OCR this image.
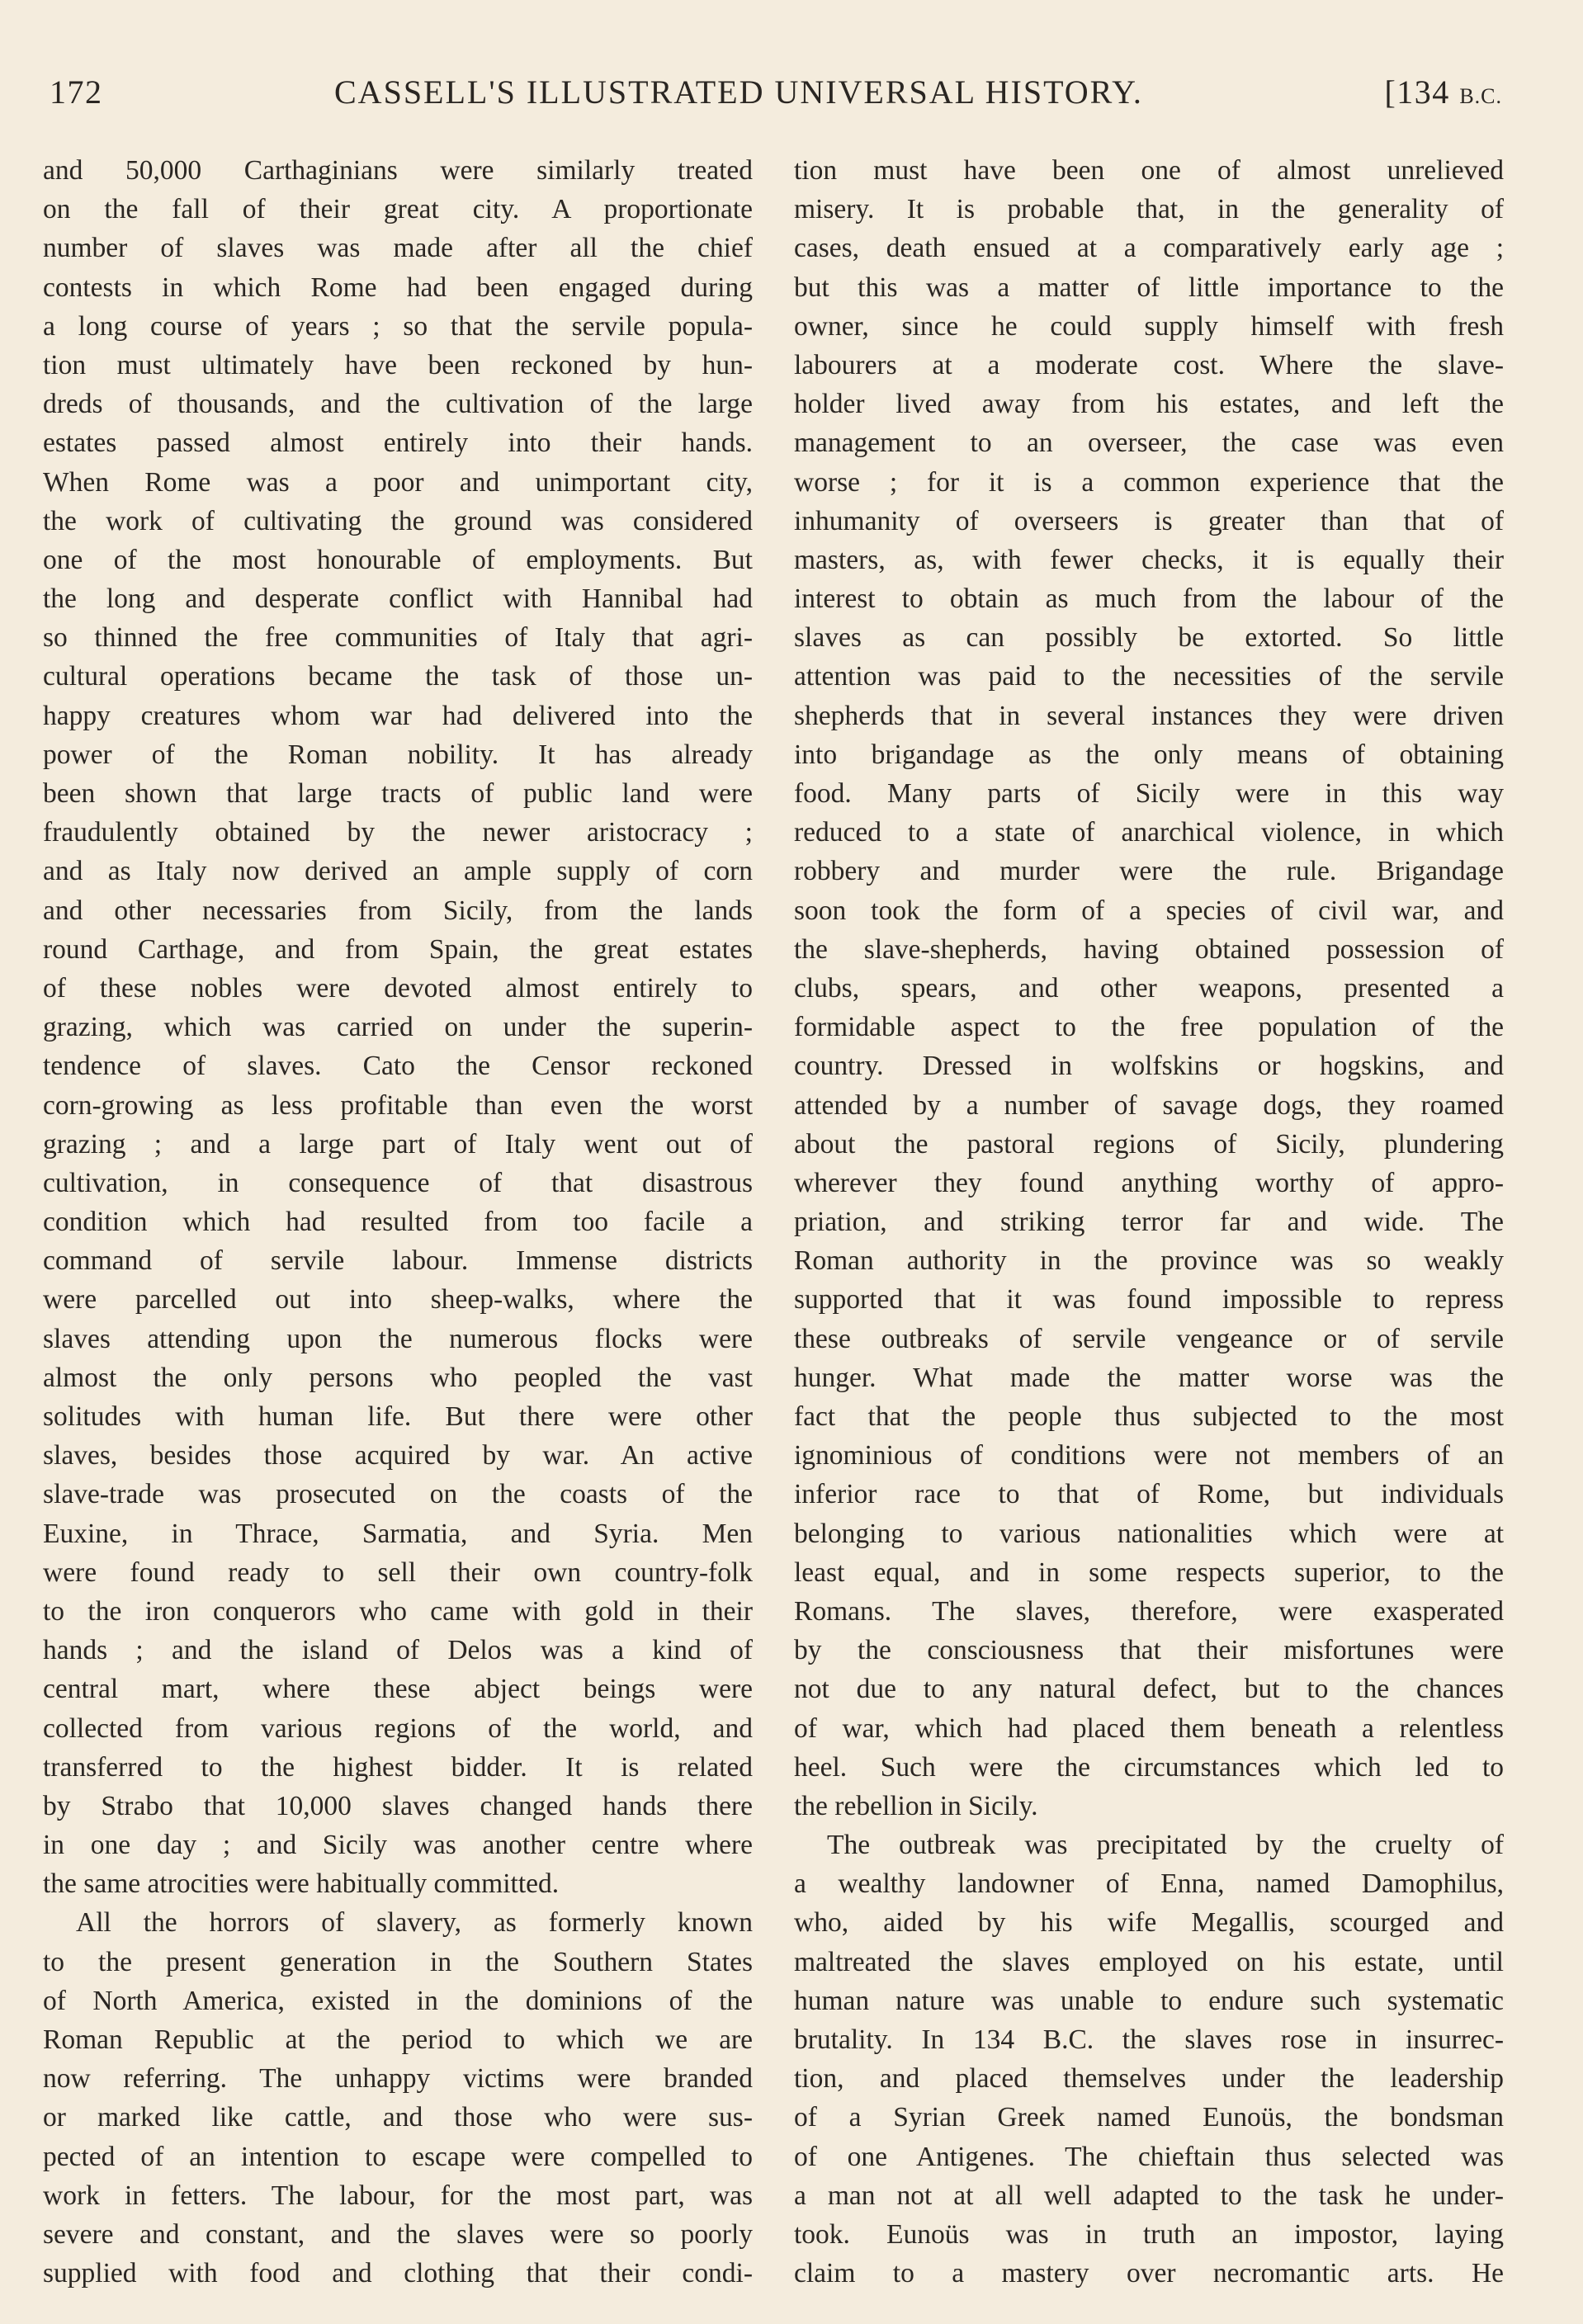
172	CASSELL'S ILLUSTRATED UNIVERSAL HISTORY.	[134 B.C.
and 50,000 Carthaginians were similarly treated
on the fall of their great city. A proportionate
number of slaves was made after all the chief
contests in which Rome had been engaged during
a long course of years ; so that the servile popula-
tion must ultimately have been reckoned by hun-
dreds of thousands, and the cultivation of the large
estates passed almost entirely into their hands.
When Rome was a poor and unimportant city,
the work of cultivating the ground was considered
one of the most honourable of employments. But
the long and desperate conflict with Hannibal had
so thinned the free communities of Italy that agri-
cultural operations became the task of those un-
happy creatures whom war had delivered into the
power of the Roman nobility. It has already
been shown that large tracts of public land were
fraudulently obtained by the newer aristocracy ;
and as Italy now derived an ample supply of corn
and other necessaries from Sicily, from the lands
round Carthage, and from Spain, the great estates
of these nobles were devoted almost entirely to
grazing, which was carried on under the superin-
tendence of slaves. Cato the Censor reckoned
corn-growing as less profitable than even the worst
grazing ; and a large part of Italy went out of
cultivation, in consequence of that disastrous
condition which had resulted from too facile a
command of servile labour. Immense districts
were parcelled out into sheep-walks, where the
slaves attending upon the numerous flocks were
almost the only persons who peopled the vast
solitudes with human life. But there were other
slaves, besides those acquired by war. An active
slave-trade was prosecuted on the coasts of the
Euxine, in Thrace, Sarmatia, and Syria. Men
were found ready to sell their own country-folk
to the iron conquerors who came with gold in their
hands ; and the island of Delos was a kind of
central mart, where these abject beings were
collected from various regions of the world, and
transferred to the highest bidder. It is related
by Strabo that 10,000 slaves changed hands there
in one day ; and Sicily was another centre where
the same atrocities were habitually committed.
All the horrors of slavery, as formerly known
to the present generation in the Southern States
of North America, existed in the dominions of the
Roman Republic at the period to which we are
now referring. The unhappy victims were branded
or marked like cattle, and those who were sus-
pected of an intention to escape were compelled to
work in fetters. The labour, for the most part, was
severe and constant, and the slaves were so poorly
supplied with food and clothing that their condi-
tion must have been one of almost unrelieved
misery. It is probable that, in the generality of
cases, death ensued at a comparatively early age ;
but this was a matter of little importance to the
owner, since he could supply himself with fresh
labourers at a moderate cost. Where the slave-
holder lived away from his estates, and left the
management to an overseer, the case was even
worse ; for it is a common experience that the
inhumanity of overseers is greater than that of
masters, as, with fewer checks, it is equally their
interest to obtain as much from the labour of the
slaves as can possibly be extorted. So little
attention was paid to the necessities of the servile
shepherds that in several instances they were driven
into brigandage as the only means of obtaining
food. Many parts of Sicily were in this way
reduced to a state of anarchical violence, in which
robbery and murder were the rule. Brigandage
soon took the form of a species of civil war, and
the slave-shepherds, having obtained possession of
clubs, spears, and other weapons, presented a
formidable aspect to the free population of the
country. Dressed in wolfskins or hogskins, and
attended by a number of savage dogs, they roamed
about the pastoral regions of Sicily, plundering
wherever they found anything worthy of appro-
priation, and striking terror far and wide. The
Roman authority in the province was so weakly
supported that it was found impossible to repress
these outbreaks of servile vengeance or of servile
hunger. What made the matter worse was the
fact that the people thus subjected to the most
ignominious of conditions were not members of an
inferior race to that of Rome, but individuals
belonging to various nationalities which were at
least equal, and in some respects superior, to the
Romans. The slaves, therefore, were exasperated
by the consciousness that their misfortunes were
not due to any natural defect, but to the chances
of war, which had placed them beneath a relentless
heel. Such were the circumstances which led to
the rebellion in Sicily.
The outbreak was precipitated by the cruelty of
a wealthy landowner of Enna, named Damophilus,
who, aided by his wife Megallis, scourged and
maltreated the slaves employed on his estate, until
human nature was unable to endure such systematic
brutality. In 134 B.C. the slaves rose in insurrec-
tion, and placed themselves under the leadership
of a Syrian Greek named Eunoüs, the bondsman
of one Antigenes. The chieftain thus selected was
a man not at all well adapted to the task he under-
took. Eunoüs was in truth an impostor, laying
claim to a mastery over necromantic arts. He
